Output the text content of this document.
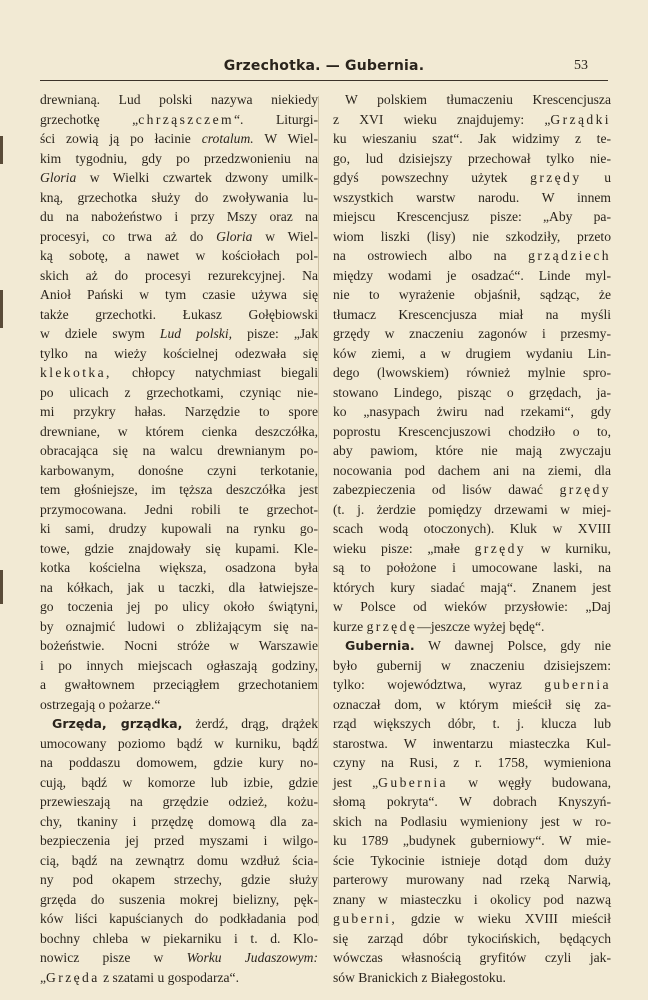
Grzechotka. — Gubernia.	53
drewnianą. Lud polski nazywa niekiedy
grzechotkę „chrząszczem“. Liturgi-
ści zowią ją po łacinie crotalum. W Wiel-
kim tygodniu, gdy po przedzwonieniu na
Gloria w Wielki czwartek dzwony umilk-
kną, grzechotka służy do zwoływania lu-
du na nabożeństwo i przy Mszy oraz na
procesyi, co trwa aż do Gloria w Wiel-
ką sobotę, a nawet w kościołach pol-
skich aż do procesyi rezurekcyjnej. Na
Anioł Pański w tym czasie używa się
także grzechotki. Łukasz Gołębiowski
w dziele swym Lud polski, pisze: „Jak
tylko na wieży kościelnej odezwała się
klekotka, chłopcy natychmiast biegali
po ulicach z grzechotkami, czyniąc nie-
mi przykry hałas. Narzędzie to spore
drewniane, w którem cienka deszczółka,
obracająca się na walcu drewnianym po-
karbowanym, donośne czyni terkotanie,
tem głośniejsze, im tęższa deszczółka jest
przymocowana. Jedni robili te grzechot-
ki sami, drudzy kupowali na rynku go-
towe, gdzie znajdowały się kupami. Kle-
kotka kościelna większa, osadzona była
na kółkach, jak u taczki, dla łatwiejsze-
go toczenia jej po ulicy około świątyni,
by oznajmić ludowi o zbliżającym się na-
bożeństwie. Nocni stróże w Warszawie
i po innych miejscach ogłaszają godziny,
a gwałtownem przeciągłem grzechotaniem
ostrzegają o pożarze.“
Grzęda, grządka, żerdź, drąg, drążek
umocowany poziomo bądź w kurniku, bądź
na poddaszu domowem, gdzie kury no-
cują, bądź w komorze lub izbie, gdzie
przewieszają na grzędzie odzież, kożu-
chy, tkaniny i przędzę domową dla za-
bezpieczenia jej przed myszami i wilgo-
cią, bądź na zewnątrz domu wzdłuż ścia-
ny pod okapem strzechy, gdzie służy
grzęda do suszenia mokrej bielizny, pęk-
ków liści kapuścianych do podkładania pod
bochny chleba w piekarniku i t. d. Klo-
nowicz pisze w Worku Judaszowym:
„Grzęda z szatami u gospodarza“.
W polskiem tłumaczeniu Krescencjusza
z XVI wieku znajdujemy: „Grządki
ku wieszaniu szat“. Jak widzimy z te-
go, lud dzisiejszy przechował tylko nie-
gdyś powszechny użytek grzędy u
wszystkich warstw narodu. W innem
miejscu Krescencjusz pisze: „Aby pa-
wiom liszki (lisy) nie szkodziły, przeto
na ostrowiech albo na grządziech
między wodami je osadzać“. Linde myl-
nie to wyrażenie objaśnił, sądząc, że
tłumacz Krescencjusza miał na myśli
grzędy w znaczeniu zagonów i przesmy-
ków ziemi, a w drugiem wydaniu Lin-
dego (lwowskiem) również mylnie spro-
stowano Lindego, pisząc o grzędach, ja-
ko „nasypach żwiru nad rzekami“, gdy
poprostu Krescencjuszowi chodziło o to,
aby pawiom, które nie mają zwyczaju
nocowania pod dachem ani na ziemi, dla
zabezpieczenia od lisów dawać grzędy
(t. j. żerdzie pomiędzy drzewami w miej-
scach wodą otoczonych). Kluk w XVIII
wieku pisze: „małe grzędy w kurniku,
są to położone i umocowane laski, na
których kury siadać mają“. Znanem jest
w Polsce od wieków przysłowie: „Daj
kurze grzędę—jeszcze wyżej będę“.
Gubernia. W dawnej Polsce, gdy nie
było gubernij w znaczeniu dzisiejszem:
tylko: województwa, wyraz gubernia
oznaczał dom, w którym mieścił się za-
rząd większych dóbr, t. j. klucza lub
starostwa. W inwentarzu miasteczka Kul-
czyny na Rusi, z r. 1758, wymieniona
jest „Gubernia w węgły budowana,
słomą pokryta“. W dobrach Knyszyń-
skich na Podlasiu wymieniony jest w ro-
ku 1789 „budynek guberniowy“. W mie-
ście Tykocinie istnieje dotąd dom duży
parterowy murowany nad rzeką Narwią,
znany w miasteczku i okolicy pod nazwą
guberni, gdzie w wieku XVIII mieścił
się zarząd dóbr tykocińskich, będących
wówczas własnością gryfitów czyli jak-
sów Branickich z Białegostoku.
